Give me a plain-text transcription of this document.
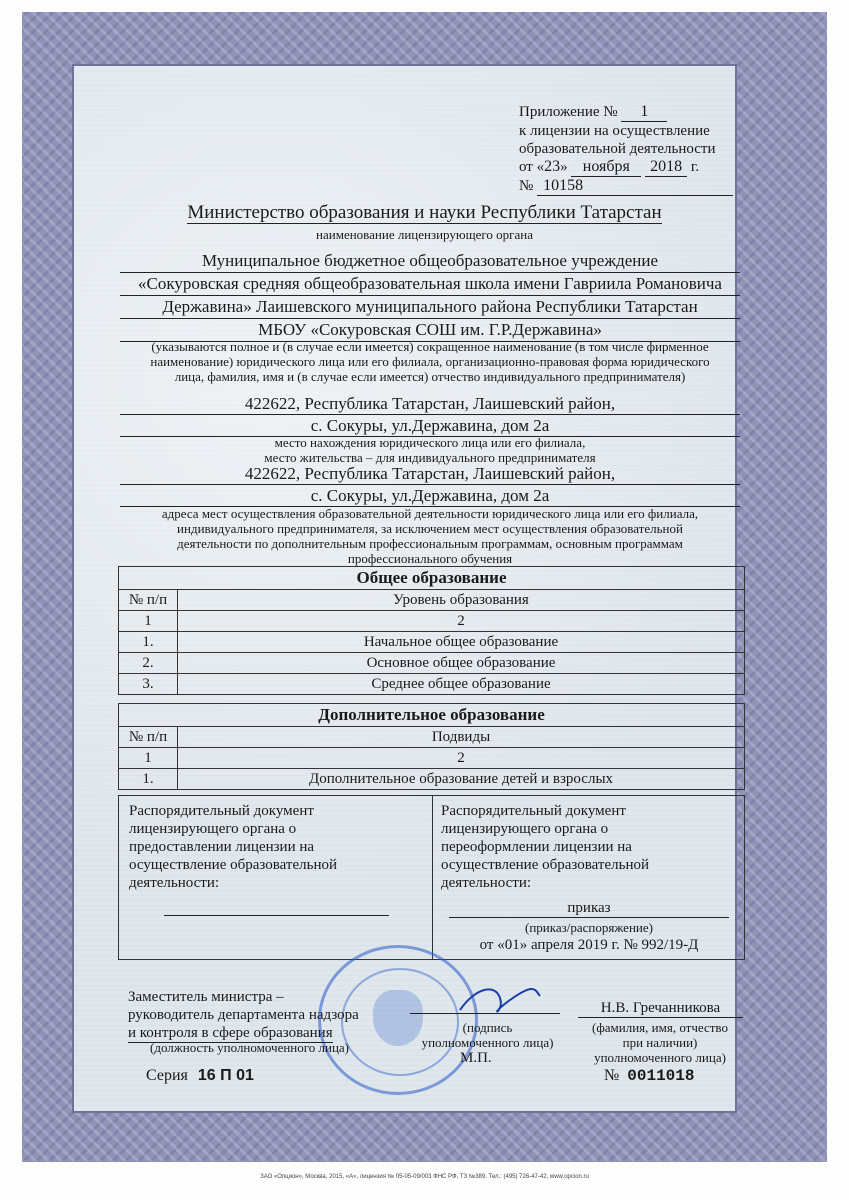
Приложение № 1
к лицензии на осуществление
образовательной деятельности
от «23» ноября 2018 г.
№ 10158
Министерство образования и науки Республики Татарстан
наименование лицензирующего органа
Муниципальное бюджетное общеобразовательное учреждение
«Сокуровская средняя общеобразовательная школа имени Гавриила Романовича
Державина» Лаишевского муниципального района Республики Татарстан
МБОУ «Сокуровская СОШ им. Г.Р.Державина»
(указываются полное и (в случае если имеется) сокращенное наименование (в том числе фирменное
наименование) юридического лица или его филиала, организационно-правовая форма юридического
лица, фамилия, имя и (в случае если имеется) отчество индивидуального предпринимателя)
422622, Республика Татарстан, Лаишевский район,
с. Сокуры, ул.Державина, дом 2а
место нахождения юридического лица или его филиала,
место жительства – для индивидуального предпринимателя
422622, Республика Татарстан, Лаишевский район,
с. Сокуры, ул.Державина, дом 2а
адреса мест осуществления образовательной деятельности юридического лица или его филиала,
индивидуального предпринимателя, за исключением мест осуществления образовательной
деятельности по дополнительным профессиональным программам, основным программам
профессионального обучения
Общее образование	
№ п/п	Уровень образования
1	2
1.	Начальное общее образование
2.	Основное общее образование
3.	Среднее общее образование
Дополнительное образование	
№ п/п	Подвиды
1	2
1.	Дополнительное образование детей и взрослых
Распорядительный документ
лицензирующего органа о
предоставлении лицензии на
осуществление образовательной
деятельности:
Распорядительный документ
лицензирующего органа о
переоформлении лицензии на
осуществление образовательной
деятельности:
приказ
(приказ/распоряжение)
от «01» апреля 2019 г. № 992/19-Д
Заместитель министра –
руководитель департамента надзора
и контроля в сфере образования
(должность уполномоченного лица)
(подпись
уполномоченного лица)
М.П.
Н.В. Гречанникова
(фамилия, имя, отчество
при наличии)
уполномоченного лица)
Серия 16 П 01	№ 0011018
ЗАО «Опцион», Москва, 2015, «А», лицензия № 05-05-09/003 ФНС РФ, ТЗ №389. Тел.: (495) 726-47-42, www.opcion.ru
